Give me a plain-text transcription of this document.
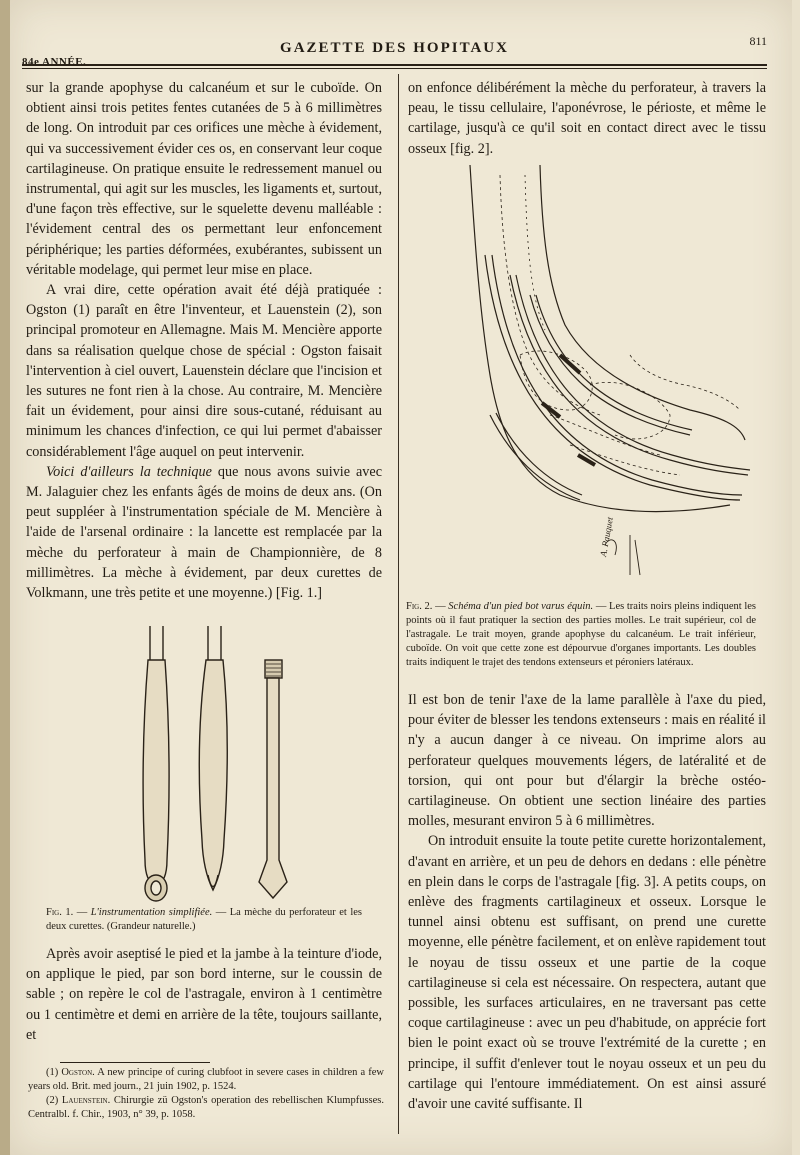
84e ANNÉE.
GAZETTE DES HOPITAUX	811

sur la grande apophyse du calcanéum et sur le cuboïde. On obtient ainsi trois petites fentes cutanées de 5 à 6 millimètres de long. On introduit par ces orifices une mèche à évidement, qui va successivement évider ces os, en conservant leur coque cartilagineuse. On pratique ensuite le redressement manuel ou instrumental, qui agit sur les muscles, les ligaments et, surtout, d'une façon très effective, sur le squelette devenu malléable : l'évidement central des os permettant leur enfoncement périphérique; les parties déformées, exubérantes, subissent un véritable modelage, qui permet leur mise en place.

A vrai dire, cette opération avait été déjà pratiquée : Ogston (1) paraît en être l'inventeur, et Lauenstein (2), son principal promoteur en Allemagne. Mais M. Mencière apporte dans sa réalisation quelque chose de spécial : Ogston faisait l'intervention à ciel ouvert, Lauenstein déclare que l'incision et les sutures ne font rien à la chose. Au contraire, M. Mencière fait un évidement, pour ainsi dire sous-cutané, réduisant au minimum les chances d'infection, ce qui lui permet d'abaisser considérablement l'âge auquel on peut intervenir.

Voici d'ailleurs la technique que nous avons suivie avec M. Jalaguier chez les enfants âgés de moins de deux ans. (On peut suppléer à l'instrumentation spéciale de M. Mencière à l'aide de l'arsenal ordinaire : la lancette est remplacée par la mèche du perforateur à main de Championnière, de 8 millimètres. La mèche à évidement, par deux curettes de Volkmann, une très petite et une moyenne.) [Fig. 1.]

Fig. 1. — L'instrumentation simplifiée. — La mèche du perforateur et les deux curettes. (Grandeur naturelle.)

Après avoir aseptisé le pied et la jambe à la teinture d'iode, on applique le pied, par son bord interne, sur le coussin de sable ; on repère le col de l'astragale, environ à 1 centimètre ou 1 centimètre et demi en arrière de la tête, toujours saillante, et

(1) Ogston. A new principe of curing clubfoot in severe cases in children a few years old. Brit. med journ., 21 juin 1902, p. 1524.

(2) Lauenstein. Chirurgie zü Ogston's operation des rebellischen Klumpfusses. Centralbl. f. Chir., 1903, n° 39, p. 1058.

on enfonce délibérément la mèche du perforateur, à travers la peau, le tissu cellulaire, l'aponévrose, le périoste, et même le cartilage, jusqu'à ce qu'il soit en contact direct avec le tissu osseux [fig. 2].

A. Pauquet
Fig. 2. — Schéma d'un pied bot varus équin. — Les traits noirs pleins indiquent les points où il faut pratiquer la section des parties molles. Le trait supérieur, col de l'astragale. Le trait moyen, grande apophyse du calcanéum. Le trait inférieur, cuboïde. On voit que cette zone est dépourvue d'organes importants. Les doubles traits indiquent le trajet des tendons extenseurs et péroniers latéraux.

Il est bon de tenir l'axe de la lame parallèle à l'axe du pied, pour éviter de blesser les tendons extenseurs : mais en réalité il n'y a aucun danger à ce niveau. On imprime alors au perforateur quelques mouvements légers, de latéralité et de torsion, qui ont pour but d'élargir la brèche ostéo-cartilagineuse. On obtient une section linéaire des parties molles, mesurant environ 5 à 6 millimètres.

On introduit ensuite la toute petite curette horizontalement, d'avant en arrière, et un peu de dehors en dedans : elle pénètre en plein dans le corps de l'astragale [fig. 3]. A petits coups, on enlève des fragments cartilagineux et osseux. Lorsque le tunnel ainsi obtenu est suffisant, on prend une curette moyenne, elle pénètre facilement, et on enlève rapidement tout le noyau de tissu osseux et une partie de la coque cartilagineuse si cela est nécessaire. On respectera, autant que possible, les surfaces articulaires, en ne traversant pas cette coque cartilagineuse : avec un peu d'habitude, on apprécie fort bien le point exact où se trouve l'extrémité de la curette ; en principe, il suffit d'enlever tout le noyau osseux et un peu du cartilage qui l'entoure immédiatement. On est ainsi assuré d'avoir une cavité suffisante. Il
